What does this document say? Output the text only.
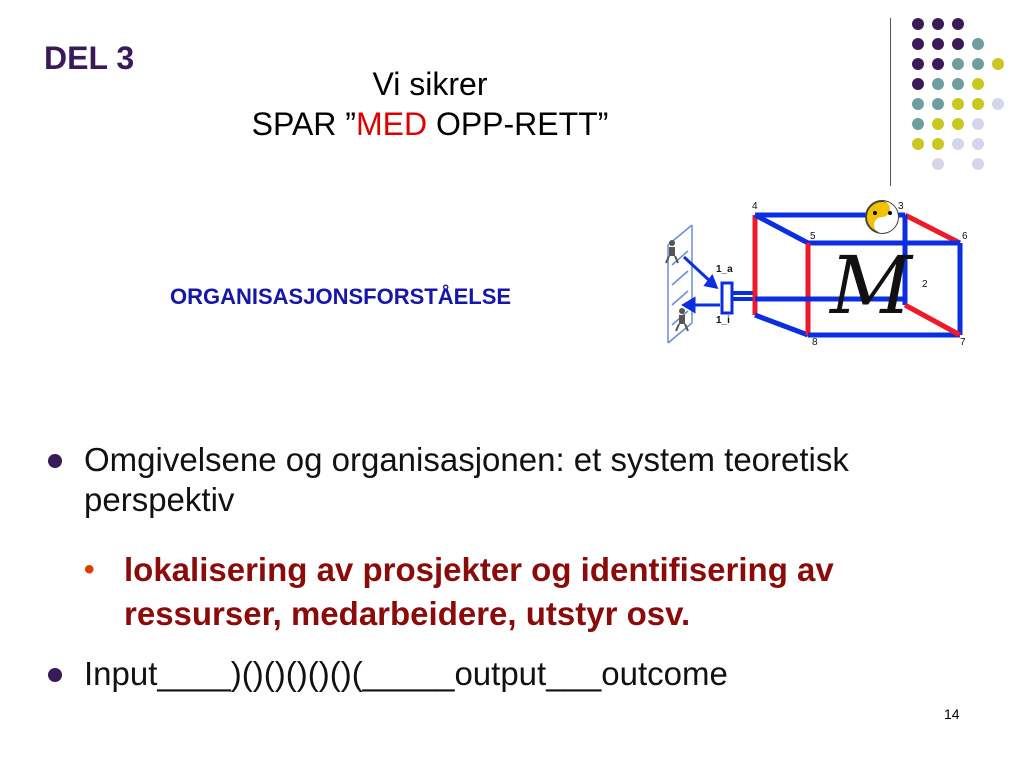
DEL 3
Vi sikrer
SPAR ”MED OPP-RETT”
ORGANISASJONSFORSTÅELSE	M
4	3
5	6
2
8	7
1_a
1_i
Omgivelsene og organisasjonen: et system teoretisk perspektiv
• lokalisering av prosjekter og identifisering av ressurser, medarbeidere, utstyr osv.
Input____)()()()()()(_____output___outcome
14
